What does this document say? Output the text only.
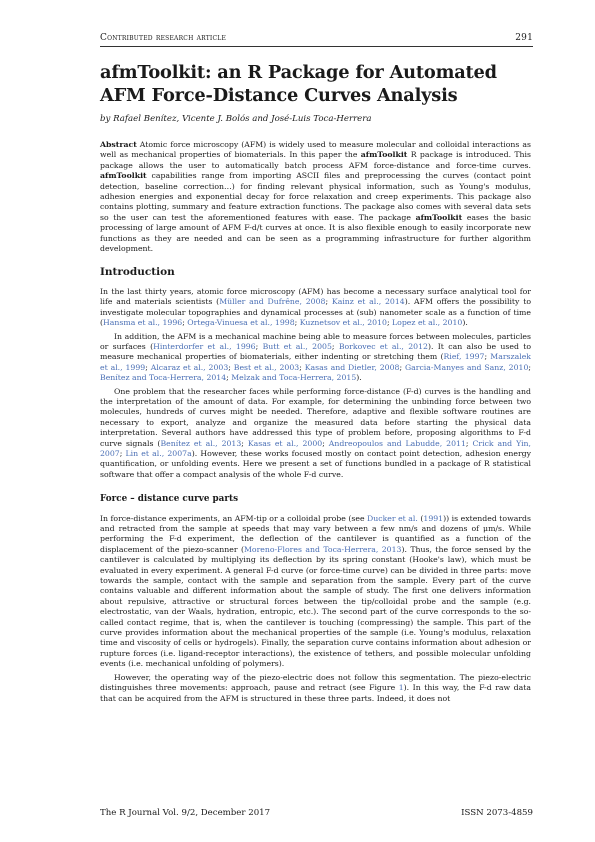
Contributed research article	291
afmToolkit: an R Package for Automated AFM Force-Distance Curves Analysis
by Rafael Benítez, Vicente J. Bolós and José-Luis Toca-Herrera

Abstract Atomic force microscopy (AFM) is widely used to measure molecular and colloidal interactions as well as mechanical properties of biomaterials. In this paper the afmToolkit R package is introduced. This package allows the user to automatically batch process AFM force-distance and force-time curves. afmToolkit capabilities range from importing ASCII files and preprocessing the curves (contact point detection, baseline correction…) for finding relevant physical information, such as Young's modulus, adhesion energies and exponential decay for force relaxation and creep experiments. This package also contains plotting, summary and feature extraction functions. The package also comes with several data sets so the user can test the aforementioned features with ease. The package afmToolkit eases the basic processing of large amount of AFM F-d/t curves at once. It is also flexible enough to easily incorporate new functions as they are needed and can be seen as a programming infrastructure for further algorithm development.

Introduction

In the last thirty years, atomic force microscopy (AFM) has become a necessary surface analytical tool for life and materials scientists (Müller and Dufrêne, 2008; Kainz et al., 2014). AFM offers the possibility to investigate molecular topographies and dynamical processes at (sub) nanometer scale as a function of time (Hansma et al., 1996; Ortega-Vinuesa et al., 1998; Kuznetsov et al., 2010; Lopez et al., 2010).

In addition, the AFM is a mechanical machine being able to measure forces between molecules, particles or surfaces (Hinterdorfer et al., 1996; Butt et al., 2005; Borkovec et al., 2012). It can also be used to measure mechanical properties of biomaterials, either indenting or stretching them (Rief, 1997; Marszalek et al., 1999; Alcaraz et al., 2003; Best et al., 2003; Kasas and Dietler, 2008; Garcia-Manyes and Sanz, 2010; Benítez and Toca-Herrera, 2014; Melzak and Toca-Herrera, 2015).

One problem that the researcher faces while performing force-distance (F-d) curves is the handling and the interpretation of the amount of data. For example, for determining the unbinding force between two molecules, hundreds of curves might be needed. Therefore, adaptive and flexible software routines are necessary to export, analyze and organize the measured data before starting the physical data interpretation. Several authors have addressed this type of problem before, proposing algorithms to F-d curve signals (Benítez et al., 2013; Kasas et al., 2000; Andreopoulos and Labudde, 2011; Crick and Yin, 2007; Lin et al., 2007a). However, these works focused mostly on contact point detection, adhesion energy quantification, or unfolding events. Here we present a set of functions bundled in a package of R statistical software that offer a compact analysis of the whole F-d curve.

Force – distance curve parts

In force-distance experiments, an AFM-tip or a colloidal probe (see Ducker et al. (1991)) is extended towards and retracted from the sample at speeds that may vary between a few nm/s and dozens of μm/s. While performing the F-d experiment, the deflection of the cantilever is quantified as a function of the displacement of the piezo-scanner (Moreno-Flores and Toca-Herrera, 2013). Thus, the force sensed by the cantilever is calculated by multiplying its deflection by its spring constant (Hooke's law), which must be evaluated in every experiment. A general F-d curve (or force-time curve) can be divided in three parts: move towards the sample, contact with the sample and separation from the sample. Every part of the curve contains valuable and different information about the sample of study. The first one delivers information about repulsive, attractive or structural forces between the tip/colloidal probe and the sample (e.g. electrostatic, van der Waals, hydration, entropic, etc.). The second part of the curve corresponds to the so-called contact regime, that is, when the cantilever is touching (compressing) the sample. This part of the curve provides information about the mechanical properties of the sample (i.e. Young's modulus, relaxation time and viscosity of cells or hydrogels). Finally, the separation curve contains information about adhesion or rupture forces (i.e. ligand-receptor interactions), the existence of tethers, and possible molecular unfolding events (i.e. mechanical unfolding of polymers).

However, the operating way of the piezo-electric does not follow this segmentation. The piezo-electric distinguishes three movements: approach, pause and retract (see Figure 1). In this way, the F-d raw data that can be acquired from the AFM is structured in these three parts. Indeed, it does not

The R Journal Vol. 9/2, December 2017	ISSN 2073-4859
